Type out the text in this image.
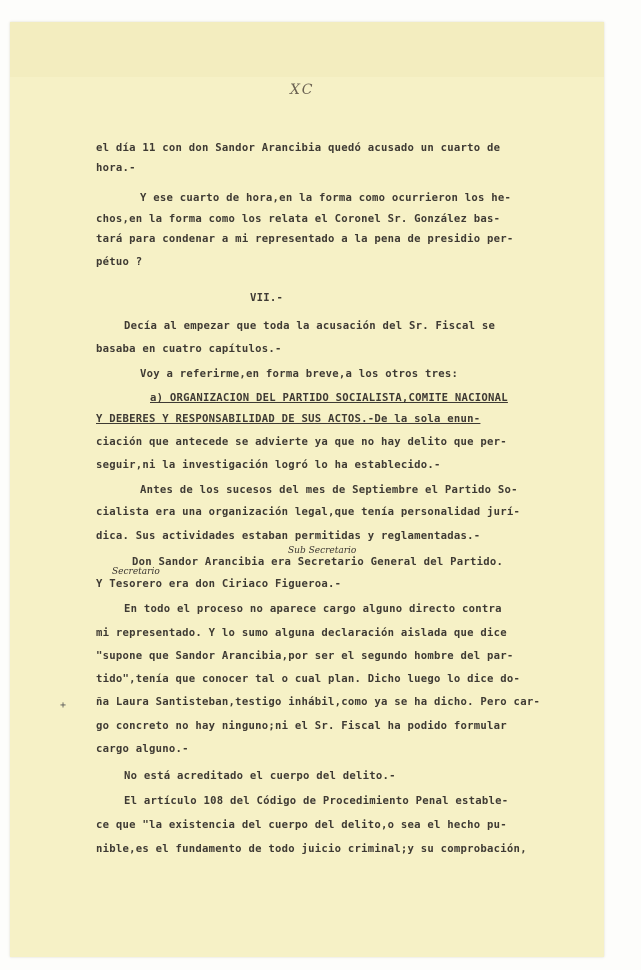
XC
el día 11 con don Sandor Arancibia quedó acusado un cuarto de
hora.-
Y ese cuarto de hora,en la forma como ocurrieron los he-
chos,en la forma como los relata el Coronel Sr. González bas-
tará para condenar a mi representado a la pena de presidio per-
pétuo ?
VII.-
Decía al empezar que toda la acusación del Sr. Fiscal se
basaba en cuatro capítulos.-
Voy a referirme,en forma breve,a los otros tres:
a) ORGANIZACION DEL PARTIDO SOCIALISTA,COMITE NACIONAL
Y DEBERES Y RESPONSABILIDAD DE SUS ACTOS.-De la sola enun-
ciación que antecede se advierte ya que no hay delito que per-
seguir,ni la investigación logró lo ha establecido.-
Antes de los sucesos del mes de Septiembre el Partido So-
cialista era una organización legal,que tenía personalidad jurí-
dica. Sus actividades estaban permitidas y reglamentadas.-
Don Sandor Arancibia era Secretario General del Partido.
Y Tesorero era don Ciriaco Figueroa.-
En todo el proceso no aparece cargo alguno directo contra
mi representado. Y lo sumo alguna declaración aislada que dice
"supone que Sandor Arancibia,por ser el segundo hombre del par-
tido",tenía que conocer tal o cual plan. Dicho luego lo dice do-
ña Laura Santisteban,testigo inhábil,como ya se ha dicho. Pero car-
go concreto no hay ninguno;ni el Sr. Fiscal ha podido formular
cargo alguno.-
No está acreditado el cuerpo del delito.-
El artículo 108 del Código de Procedimiento Penal estable-
ce que "la existencia del cuerpo del delito,o sea el hecho pu-
nible,es el fundamento de todo juicio criminal;y su comprobación,
Sub Secretario
Secretario
+
